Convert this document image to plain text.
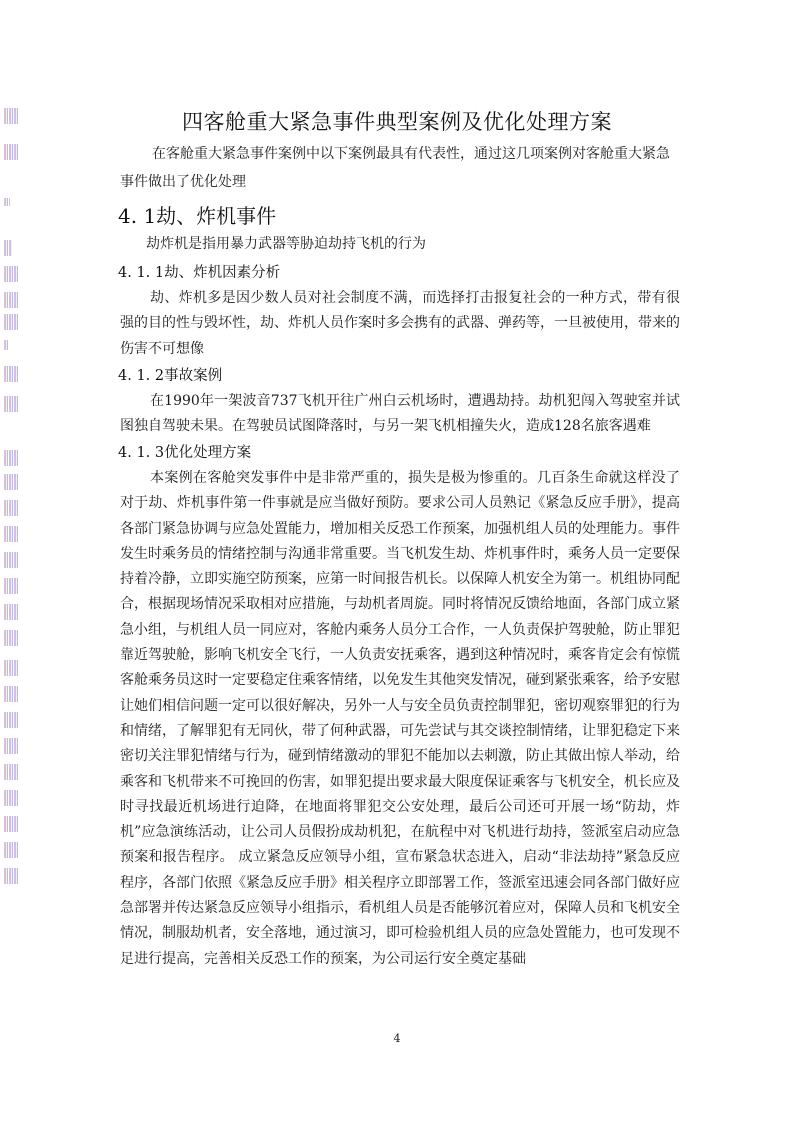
四客舱重大紧急事件典型案例及优化处理方案
在客舱重大紧急事件案例中以下案例最具有代表性，通过这几项案例对客舱重大紧急事件做出了优化处理
4. 1劫、炸机事件
劫炸机是指用暴力武器等胁迫劫持飞机的行为
4. 1. 1劫、炸机因素分析
劫、炸机多是因少数人员对社会制度不满，而选择打击报复社会的一种方式，带有很强的目的性与毁坏性，劫、炸机人员作案时多会携有的武器、弹药等，一旦被使用，带来的伤害不可想像
4. 1. 2事故案例
在1990年一架波音737飞机开往广州白云机场时，遭遇劫持。劫机犯闯入驾驶室并试图独自驾驶未果。在驾驶员试图降落时，与另一架飞机相撞失火，造成128名旅客遇难
4. 1. 3优化处理方案
本案例在客舱突发事件中是非常严重的，损失是极为惨重的。几百条生命就这样没了对于劫、炸机事件第一件事就是应当做好预防。要求公司人员熟记《紧急反应手册》，提高各部门紧急协调与应急处置能力，增加相关反恐工作预案，加强机组人员的处理能力。事件发生时乘务员的情绪控制与沟通非常重要。当飞机发生劫、炸机事件时，乘务人员一定要保持着冷静，立即实施空防预案，应第一时间报告机长。以保障人机安全为第一。机组协同配合，根据现场情况采取相对应措施，与劫机者周旋。同时将情况反馈给地面，各部门成立紧急小组，与机组人员一同应对，客舱内乘务人员分工合作，一人负责保护驾驶舱，防止罪犯靠近驾驶舱，影响飞机安全飞行，一人负责安抚乘客，遇到这种情况时，乘客肯定会有惊慌客舱乘务员这时一定要稳定住乘客情绪，以免发生其他突发情况，碰到紧张乘客，给予安慰让她们相信问题一定可以很好解决，另外一人与安全员负责控制罪犯，密切观察罪犯的行为和情绪，了解罪犯有无同伙，带了何种武器，可先尝试与其交谈控制情绪，让罪犯稳定下来密切关注罪犯情绪与行为，碰到情绪激动的罪犯不能加以去刺激，防止其做出惊人举动，给乘客和飞机带来不可挽回的伤害，如罪犯提出要求最大限度保证乘客与飞机安全，机长应及时寻找最近机场进行迫降，在地面将罪犯交公安处理，最后公司还可开展一场“防劫，炸机”应急演练活动，让公司人员假扮成劫机犯，在航程中对飞机进行劫持，签派室启动应急预案和报告程序。 成立紧急反应领导小组，宣布紧急状态进入，启动“非法劫持”紧急反应程序，各部门依照《紧急反应手册》相关程序立即部署工作，签派室迅速会同各部门做好应急部署并传达紧急反应领导小组指示，看机组人员是否能够沉着应对，保障人员和飞机安全情况，制服劫机者，安全落地，通过演习，即可检验机组人员的应急处置能力，也可发现不足进行提高，完善相关反恐工作的预案，为公司运行安全奠定基础
4
